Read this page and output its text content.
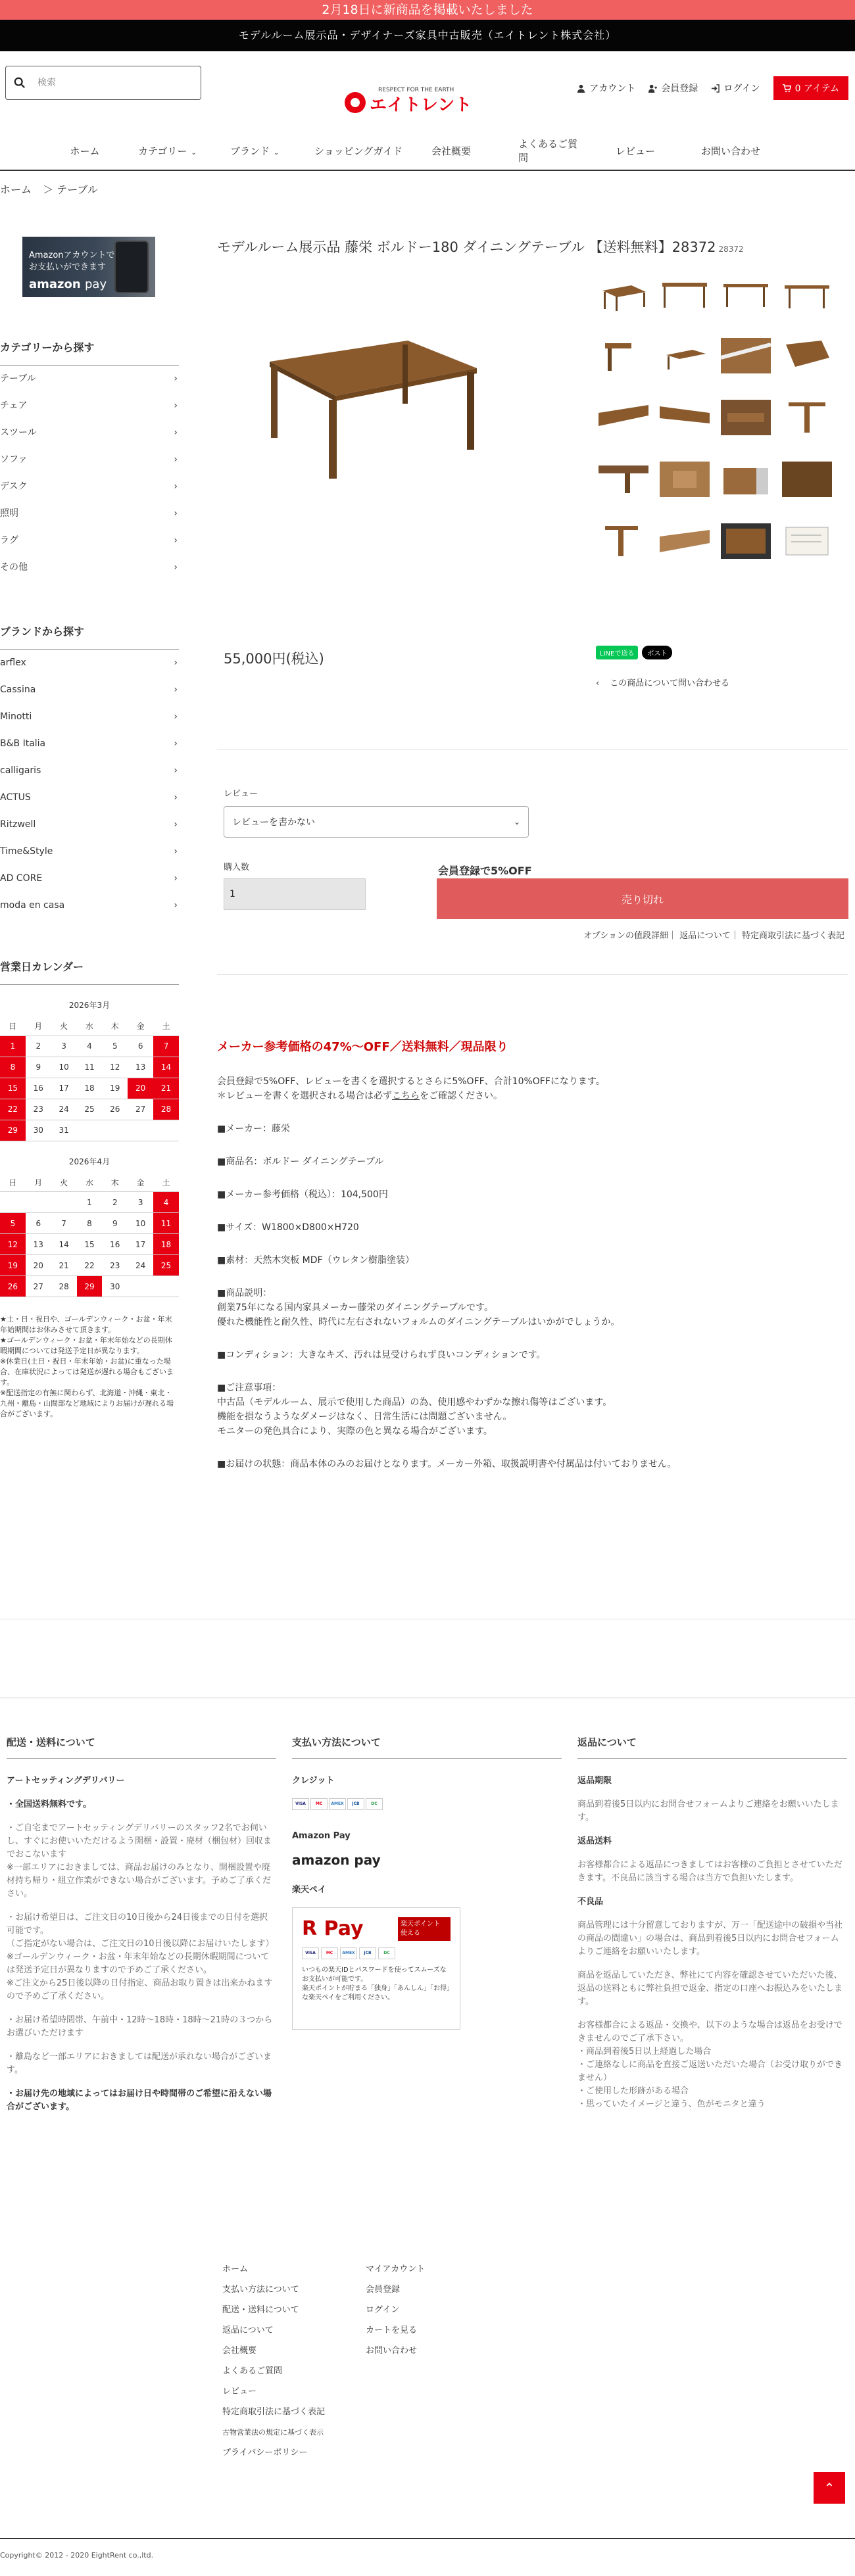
2月18日に新商品を掲載いたしました
モデルルーム展示品・デザイナーズ家具中古販売（エイトレント株式会社）
検索
RESPECT FOR THE EARTH
エイトレント
アカウント	会員登録	ログイン	0 アイテム
ホーム	カテゴリー ⌄	ブランド ⌄	ショッピングガイド	会社概要
よくあるご質問
レビュー	お問い合わせ
ホーム ＞ テーブル
Amazonアカウントで
お支払いができます
amazon pay
カテゴリーから探す
テーブル	›
チェア	›
スツール	›
ソファ	›
デスク	›
照明	›
ラグ	›
その他	›
ブランドから探す
arflex	›
Cassina	›
Minotti	›
B&B Italia	›
calligaris	›
ACTUS	›
Ritzwell	›
Time&Style	›
AD CORE	›
moda en casa	›
営業日カレンダー
2026年3月
日	月	火	水	木	金	土
1	2	3	4	5	6	7
8	9	10	11	12	13	14
15	16	17	18	19	20	21
22	23	24	25	26	27	28
29	30	31				
2026年4月
日	月	火	水	木	金	土
			1	2	3	4
5	6	7	8	9	10	11
12	13	14	15	16	17	18
19	20	21	22	23	24	25
26	27	28	29	30		
★土・日・祝日や、ゴールデンウィーク・お盆・年末年始期間はお休みさせて頂きます。
★ゴールデンウィーク・お盆・年末年始などの長期休暇期間については発送予定日が異なります。
※休業日(土日・祝日・年末年始・お盆)に重なった場合、在庫状況によっては発送が遅れる場合もございます。
※配送指定の有無に関わらず、北海道・沖縄・東北・九州・離島・山間部など地域によりお届けが遅れる場合がございます。
モデルルーム展示品 藤栄 ボルドー180 ダイニングテーブル 【送料無料】28372 28372
55,000円(税込)	LINEで送る	ポスト
‹ この商品について問い合わせる
レビュー
レビューを書かない	⌄
購入数
1
会員登録で5%OFF
売り切れ
オプションの値段詳細｜ 返品について｜ 特定商取引法に基づく表記
メーカー参考価格の47%〜OFF／送料無料／現品限り

会員登録で5%OFF、レビューを書くを選択するとさらに5%OFF、合計10%OFFになります。
＊レビューを書くを選択される場合は必ずこちらをご確認ください。

■メーカー：藤栄

■商品名：ボルドー ダイニングテーブル

■メーカー参考価格（税込）：104,500円

■サイズ：W1800×D800×H720

■素材：天然木突板 MDF（ウレタン樹脂塗装）

■商品説明：
創業75年になる国内家具メーカー藤栄のダイニングテーブルです。
優れた機能性と耐久性、時代に左右されないフォルムのダイニングテーブルはいかがでしょうか。

■コンディション：大きなキズ、汚れは見受けられず良いコンディションです。

■ご注意事項：
中古品（モデルルーム、展示で使用した商品）の為、使用感やわずかな擦れ傷等はございます。
機能を損なうようなダメージはなく、日常生活には問題ございません。
モニターの発色具合により、実際の色と異なる場合がございます。

■お届けの状態：商品本体のみのお届けとなります。メーカー外箱、取扱説明書や付属品は付いておりません。

配送・送料について
アートセッティングデリバリー

・全国送料無料です。

・ご自宅までアートセッティングデリバリーのスタッフ2名でお伺いし、すぐにお使いいただけるよう開梱・設置・廃材（梱包材）回収までおこないます
※一部エリアにおきましては、商品お届けのみとなり、開梱設置や廃材持ち帰り・組立作業ができない場合がございます。予めご了承ください。

・お届け希望日は、ご注文日の10日後から24日後までの日付を選択可能です。
（ご指定がない場合は、ご注文日の10日後以降にお届けいたします）
※ゴールデンウィーク・お盆・年末年始などの長期休暇期間については発送予定日が異なりますので予めご了承ください。
※ご注文から25日後以降の日付指定、商品お取り置きは出来かねますので予めご了承ください。

・お届け希望時間帯、午前中・12時〜18時・18時〜21時の３つからお選びいただけます

・離島など一部エリアにおきましては配送が承れない場合がございます。

・お届け先の地域によってはお届け日や時間帯のご希望に沿えない場合がございます。

支払い方法について
クレジット
VISA	MC	AMEX	JCB	DC
Amazon Pay
amazon pay
楽天ペイ
R Pay	楽天ポイント 使える
VISA	MC	AMEX	JCB	DC
いつもの楽天IDとパスワードを使ってスムーズなお支払いが可能です。
楽天ポイントが貯まる「独身」「あんしん」「お得」な楽天ペイをご利用ください。
返品について
返品期限

商品到着後5日以内にお問合せフォームよりご連絡をお願いいたします。

返品送料

お客様都合による返品につきましてはお客様のご負担とさせていただきます。不良品に該当する場合は当方で負担いたします。

不良品

商品管理には十分留意しておりますが、万一「配送途中の破損や当社の商品の間違い」の場合は、商品到着後5日以内にお問合せフォームよりご連絡をお願いいたします。

商品を返品していただき、弊社にて内容を確認させていただいた後、返品の送料ともに弊社負担で返金、指定の口座へお振込みをいたします。

お客様都合による返品・交換や、以下のような場合は返品をお受けできませんのでご了承下さい。
・商品到着後5日以上経過した場合
・ご連絡なしに商品を直接ご返送いただいた場合（お受け取りができません）
・ご使用した形跡がある場合
・思っていたイメージと違う、色がモニタと違う

ホーム
支払い方法について
配送・送料について
返品について
会社概要
よくあるご質問
レビュー
特定商取引法に基づく表記
古物営業法の規定に基づく表示
プライバシーポリシー
マイアカウント
会員登録
ログイン
カートを見る
お問い合わせ
⌃
Copyright© 2012 - 2020 EightRent co.,ltd.
